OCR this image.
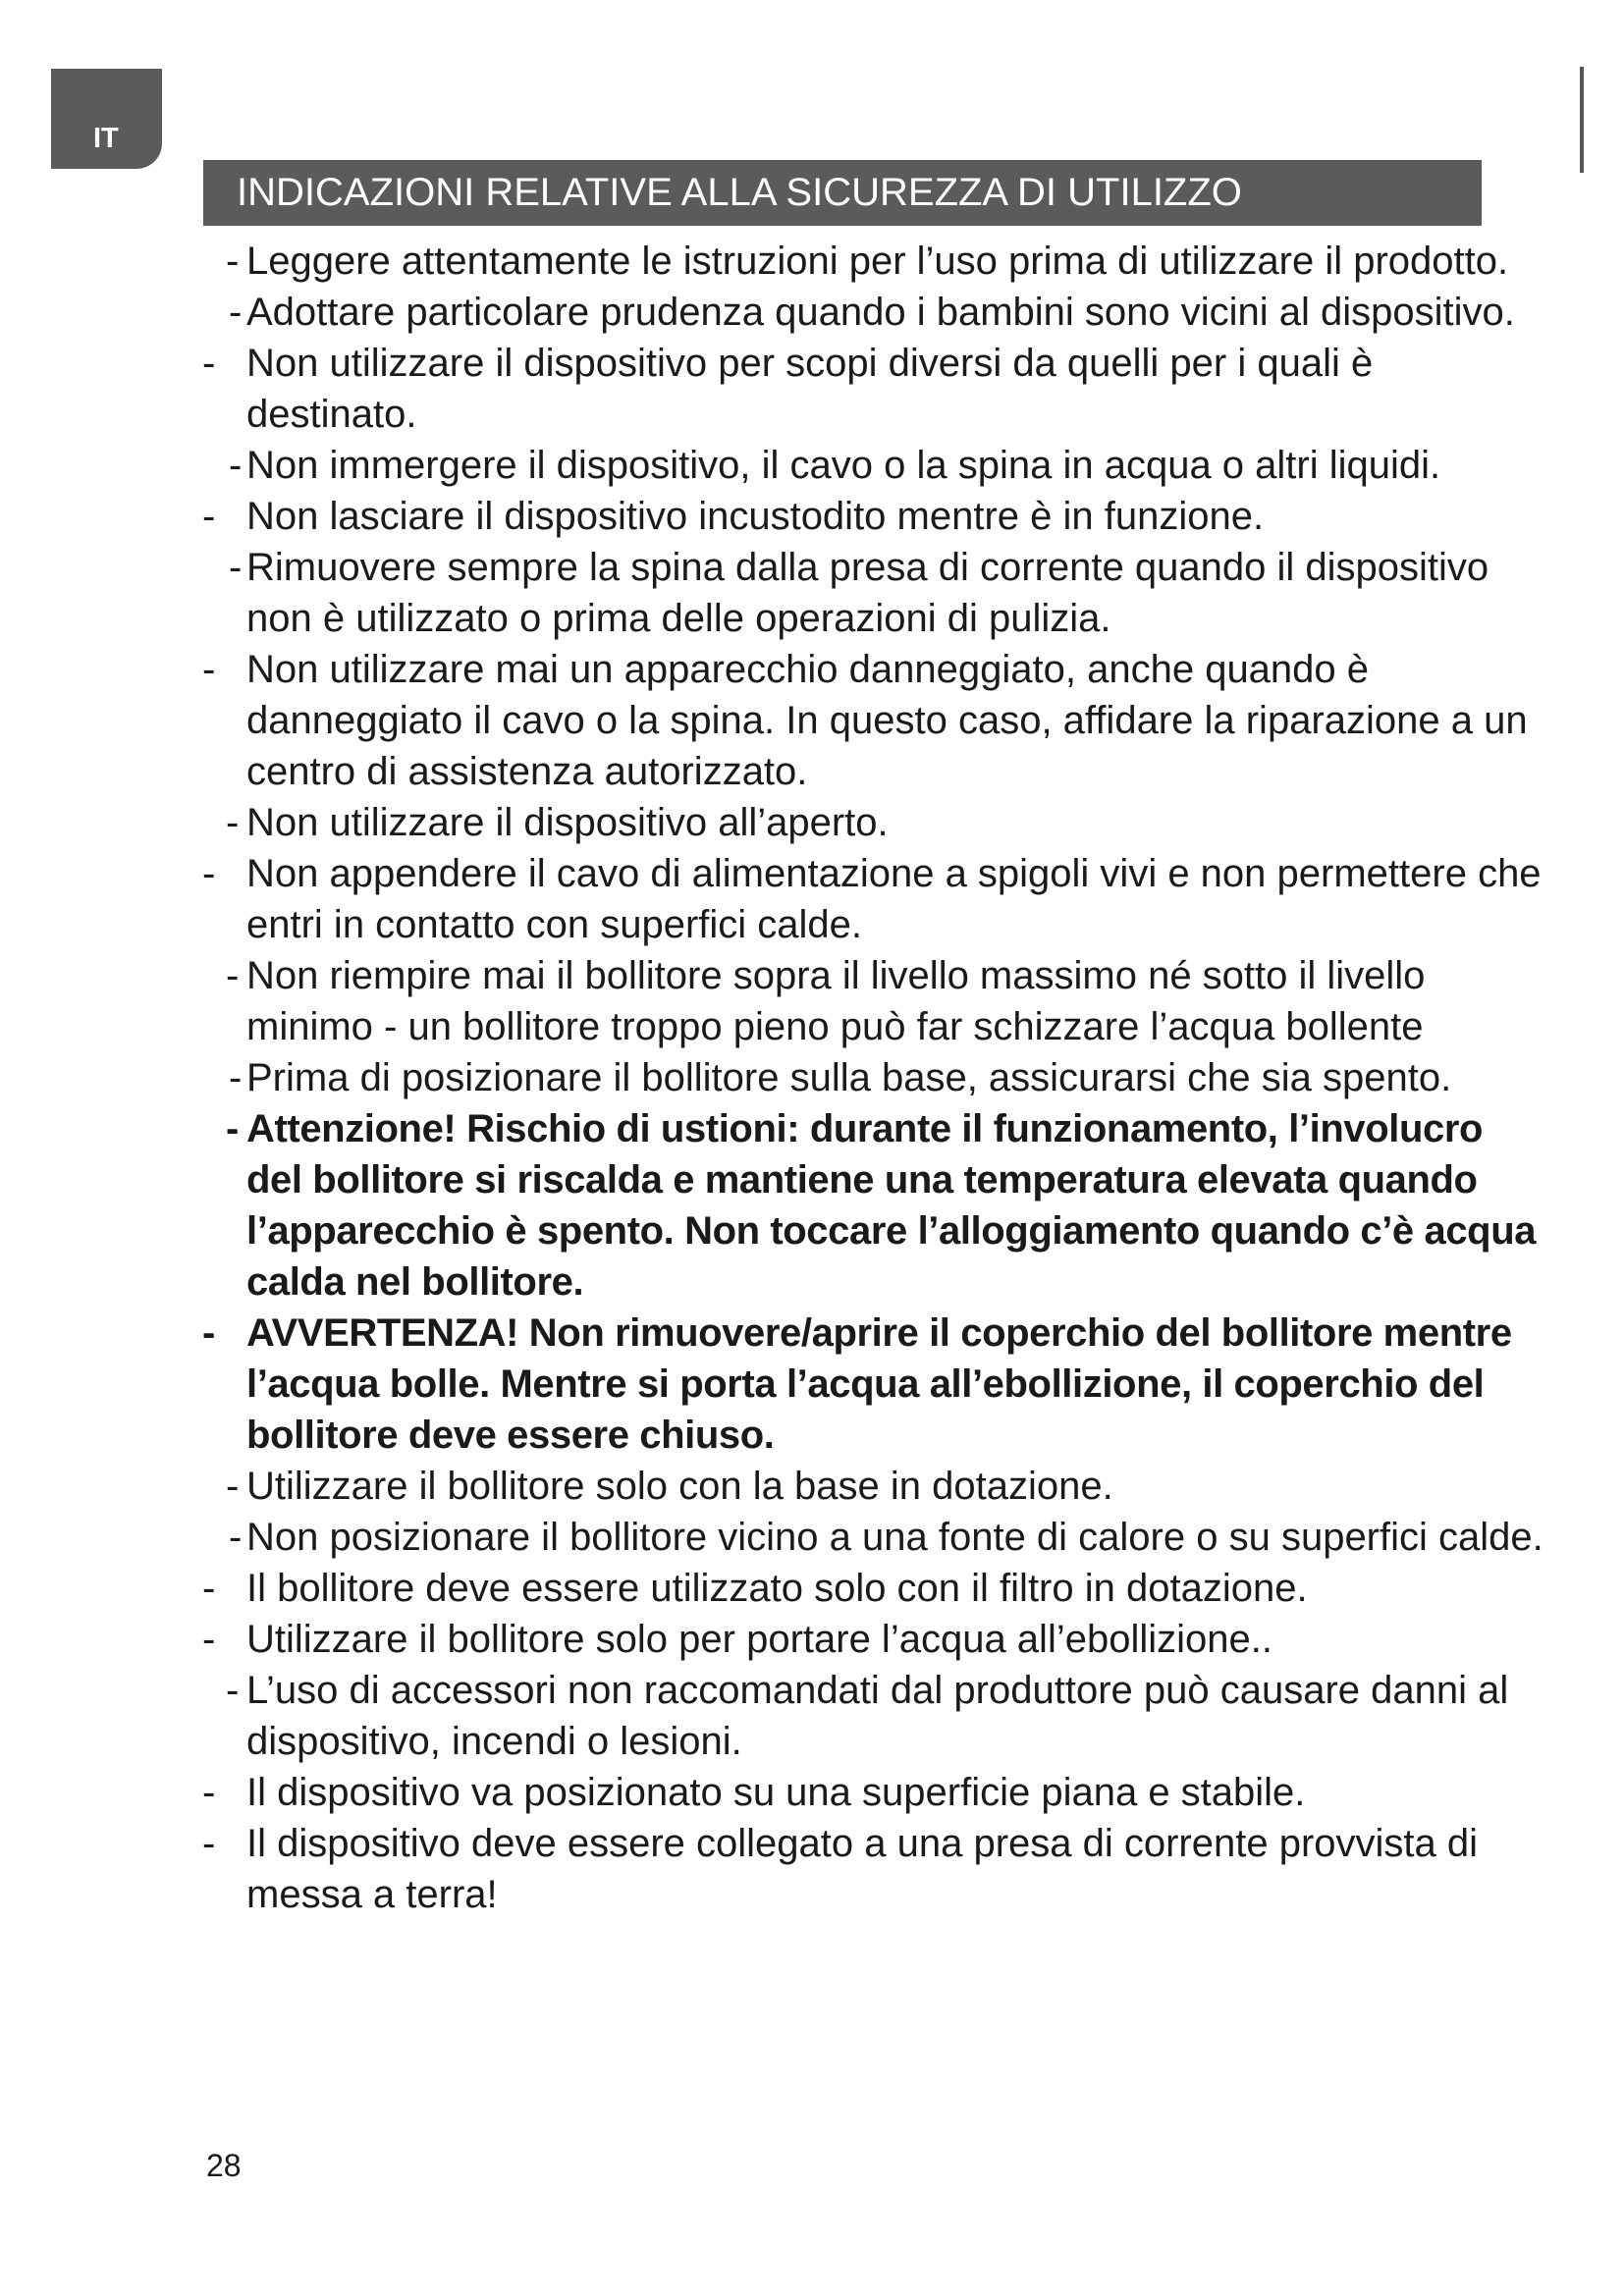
IT
INDICAZIONI RELATIVE ALLA SICUREZZA DI UTILIZZO
- Leggere attentamente le istruzioni per l’uso prima di utilizzare il prodotto.
- Adottare particolare prudenza quando i bambini sono vicini al dispositivo.
- Non utilizzare il dispositivo per scopi diversi da quelli per i quali è destinato.
- Non immergere il dispositivo, il cavo o la spina in acqua o altri liquidi.
- Non lasciare il dispositivo incustodito mentre è in funzione.
- Rimuovere sempre la spina dalla presa di corrente quando il dispositivo non è utilizzato o prima delle operazioni di pulizia.
- Non utilizzare mai un apparecchio danneggiato, anche quando è danneggiato il cavo o la spina. In questo caso, affidare la riparazione a un centro di assistenza autorizzato.
- Non utilizzare il dispositivo all’aperto.
- Non appendere il cavo di alimentazione a spigoli vivi e non permettere che entri in contatto con superfici calde.
- Non riempire mai il bollitore sopra il livello massimo né sotto il livello minimo - un bollitore troppo pieno può far schizzare l’acqua bollente
- Prima di posizionare il bollitore sulla base, assicurarsi che sia spento.
- Attenzione! Rischio di ustioni: durante il funzionamento, l’involucro del bollitore si riscalda e mantiene una temperatura elevata quando l’apparecchio è spento. Non toccare l’alloggiamento quando c’è acqua calda nel bollitore.
- AVVERTENZA! Non rimuovere/aprire il coperchio del bollitore mentre l’acqua bolle. Mentre si porta l’acqua all’ebollizione, il coperchio del bollitore deve essere chiuso.
- Utilizzare il bollitore solo con la base in dotazione.
- Non posizionare il bollitore vicino a una fonte di calore o su superfici calde.
- Il bollitore deve essere utilizzato solo con il filtro in dotazione.
- Utilizzare il bollitore solo per portare l’acqua all’ebollizione..
- L’uso di accessori non raccomandati dal produttore può causare danni al dispositivo, incendi o lesioni.
- Il dispositivo va posizionato su una superficie piana e stabile.
- Il dispositivo deve essere collegato a una presa di corrente provvista di messa a terra!
28
